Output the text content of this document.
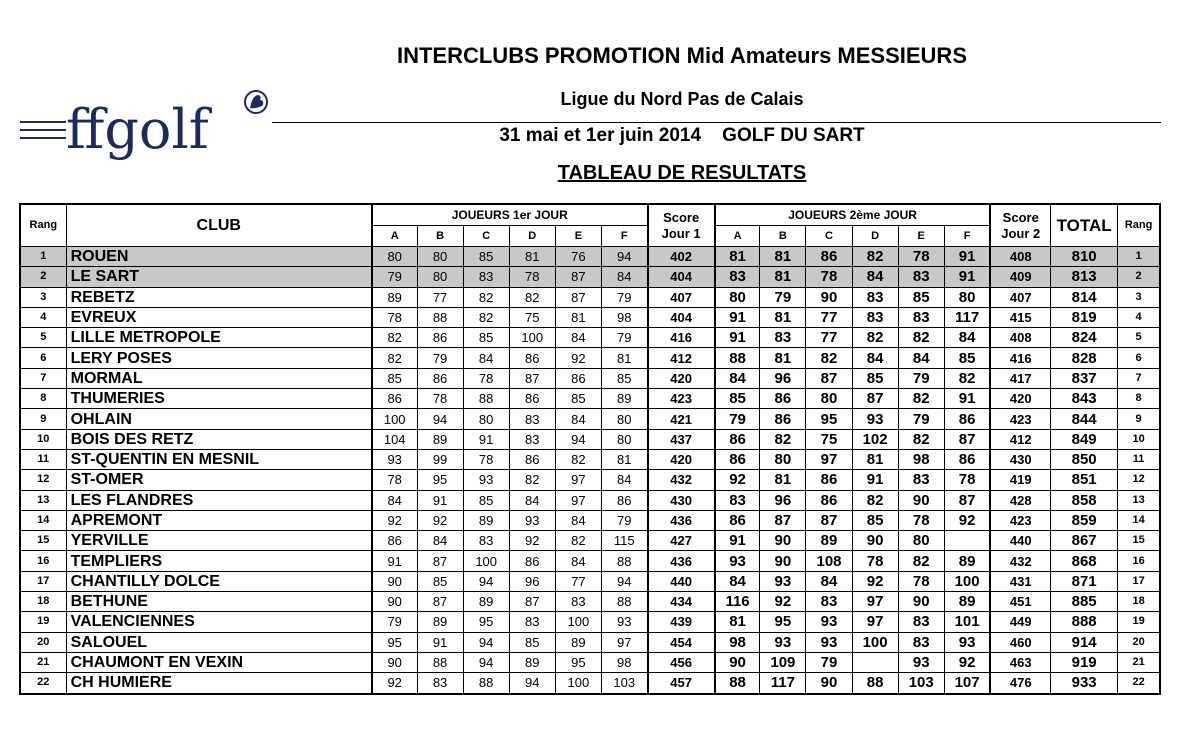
ffgolf
INTERCLUBS PROMOTION Mid Amateurs MESSIEURS
Ligue du Nord Pas de Calais
31 mai et 1er juin 2014    GOLF DU SART
TABLEAU DE RESULTATS
Rang	CLUB	JOUEURS 1er JOUR						Score
Jour 1	JOUEURS 2ème JOUR						Score
Jour 2	TOTAL	Rang
		A	B	C	D	E	F		A	B	C	D	E	F			
1	ROUEN	80	80	85	81	76	94	402	81	81	86	82	78	91	408	810	1
2	LE SART	79	80	83	78	87	84	404	83	81	78	84	83	91	409	813	2
3	REBETZ	89	77	82	82	87	79	407	80	79	90	83	85	80	407	814	3
4	EVREUX	78	88	82	75	81	98	404	91	81	77	83	83	117	415	819	4
5	LILLE METROPOLE	82	86	85	100	84	79	416	91	83	77	82	82	84	408	824	5
6	LERY POSES	82	79	84	86	92	81	412	88	81	82	84	84	85	416	828	6
7	MORMAL	85	86	78	87	86	85	420	84	96	87	85	79	82	417	837	7
8	THUMERIES	86	78	88	86	85	89	423	85	86	80	87	82	91	420	843	8
9	OHLAIN	100	94	80	83	84	80	421	79	86	95	93	79	86	423	844	9
10	BOIS DES RETZ	104	89	91	83	94	80	437	86	82	75	102	82	87	412	849	10
11	ST-QUENTIN EN MESNIL	93	99	78	86	82	81	420	86	80	97	81	98	86	430	850	11
12	ST-OMER	78	95	93	82	97	84	432	92	81	86	91	83	78	419	851	12
13	LES FLANDRES	84	91	85	84	97	86	430	83	96	86	82	90	87	428	858	13
14	APREMONT	92	92	89	93	84	79	436	86	87	87	85	78	92	423	859	14
15	YERVILLE	86	84	83	92	82	115	427	91	90	89	90	80		440	867	15
16	TEMPLIERS	91	87	100	86	84	88	436	93	90	108	78	82	89	432	868	16
17	CHANTILLY DOLCE	90	85	94	96	77	94	440	84	93	84	92	78	100	431	871	17
18	BETHUNE	90	87	89	87	83	88	434	116	92	83	97	90	89	451	885	18
19	VALENCIENNES	79	89	95	83	100	93	439	81	95	93	97	83	101	449	888	19
20	SALOUEL	95	91	94	85	89	97	454	98	93	93	100	83	93	460	914	20
21	CHAUMONT EN VEXIN	90	88	94	89	95	98	456	90	109	79		93	92	463	919	21
22	CH HUMIERE	92	83	88	94	100	103	457	88	117	90	88	103	107	476	933	22
